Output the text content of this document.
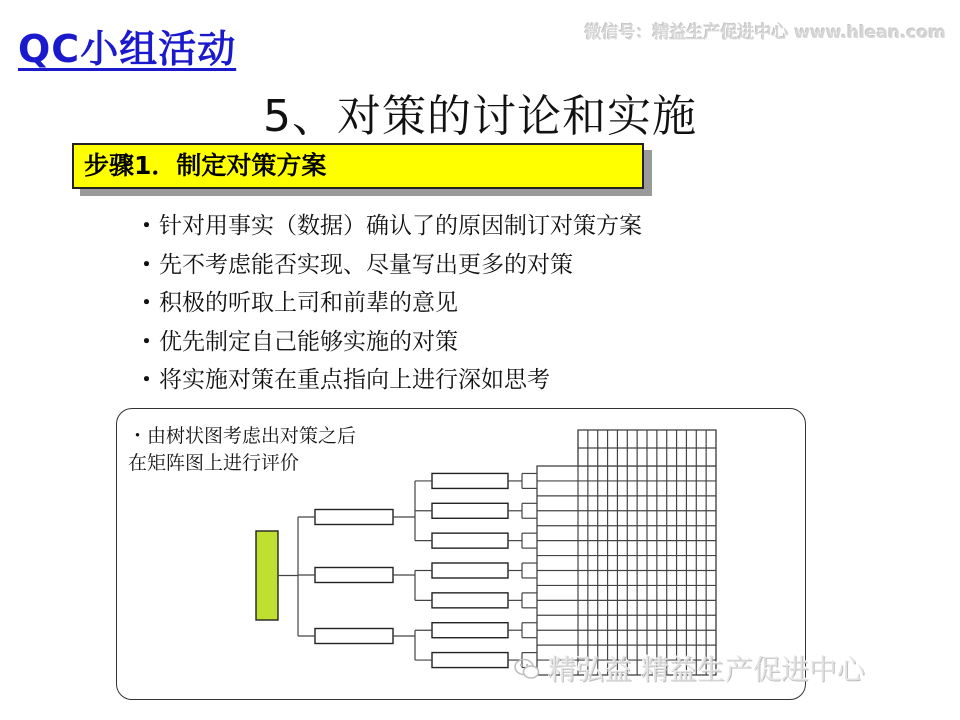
QC小组活动	微信号：精益生产促进中心 www.hlean.com
5、对策的讨论和实施
步骤1．制定对策方案
・针对用事实（数据）确认了的原因制订对策方案
・先不考虑能否实现、尽量写出更多的对策
・积极的听取上司和前辈的意见
・优先制定自己能够实施的对策
・将实施对策在重点指向上进行深如思考
・由树状图考虑出对策之后
在矩阵图上进行评价
精弘益 精益生产促进中心
